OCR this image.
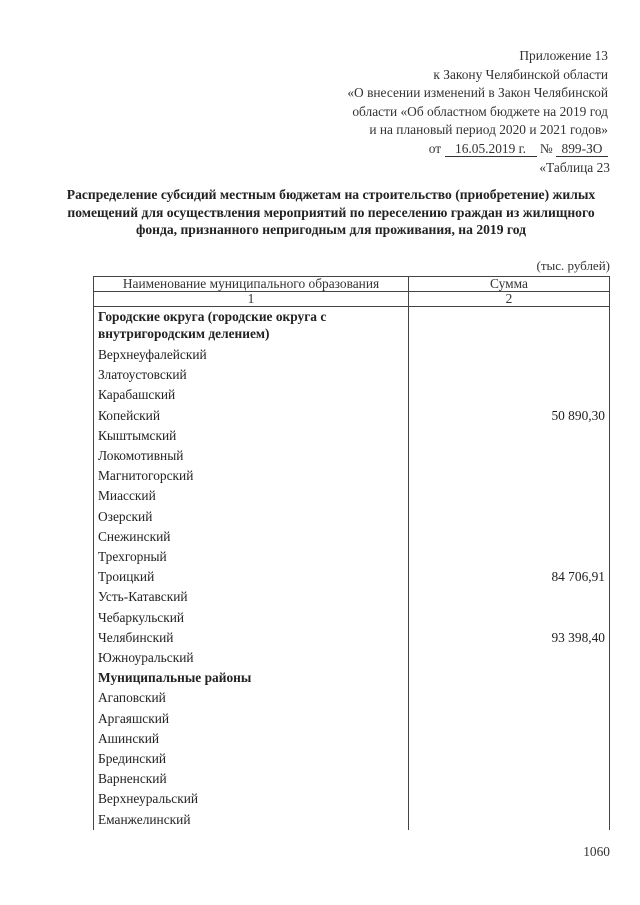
Приложение 13
к Закону Челябинской области
«О внесении изменений в Закон Челябинской
области «Об областном бюджете на 2019 год
и на плановый период 2020 и 2021 годов»
от 16.05.2019 г. № 899-ЗО
«Таблица 23
Распределение субсидий местным бюджетам на строительство (приобретение) жилых помещений для осуществления мероприятий по переселению граждан из жилищного фонда, признанного непригодным для проживания, на 2019 год
(тыс. рублей)
Наименование муниципального образования	Сумма
1	2
Городские округа (городские округа с внутригородским делением)	
Верхнеуфалейский	
Златоустовский	
Карабашский	
Копейский	50 890,30
Кыштымский	
Локомотивный	
Магнитогорский	
Миасский	
Озерский	
Снежинский	
Трехгорный	
Троицкий	84 706,91
Усть-Катавский	
Чебаркульский	
Челябинский	93 398,40
Южноуральский	
Муниципальные районы	
Агаповский	
Аргаяшский	
Ашинский	
Брединский	
Варненский	
Верхнеуральский	
Еманжелинский	
1060
